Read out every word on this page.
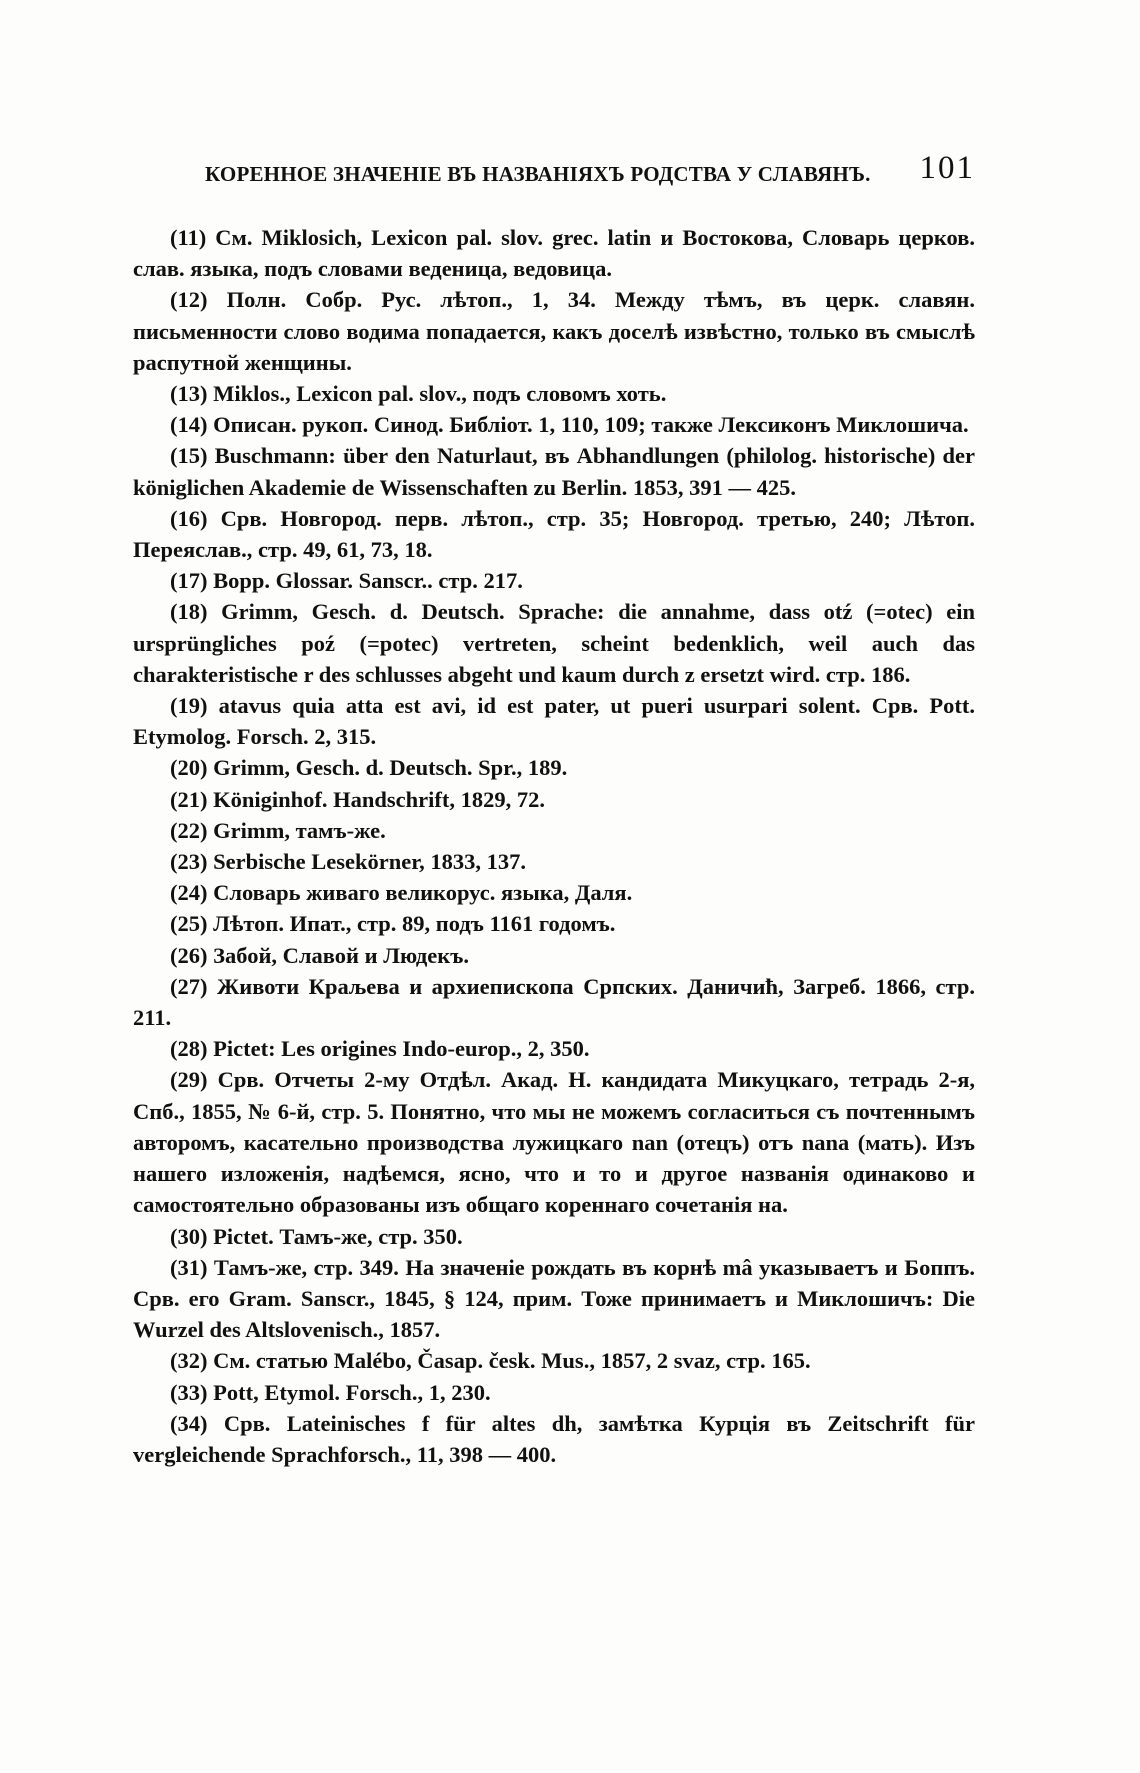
КОРЕННОЕ ЗНАЧЕНІЕ ВЪ НАЗВАНІЯХЪ РОДСТВА У СЛАВЯНЪ. 101

(11) См. Miklosich, Lexicon pal. slov. grec. latin и Востокова, Словарь церков. слав. языка, подъ словами веденица, ведовица.

(12) Полн. Собр. Рус. лѣтоп., 1, 34. Между тѣмъ, въ церк. славян. письменности слово водима попадается, какъ доселѣ извѣстно, только въ смыслѣ распутной женщины.

(13) Miklos., Lexicon pal. slov., подъ словомъ хоть.

(14) Описан. рукоп. Синод. Библіот. 1, 110, 109; также Лексиконъ Миклошича.

(15) Buschmann: über den Naturlaut, въ Abhandlungen (philolog. historische) der königlichen Akademie de Wissenschaften zu Berlin. 1853, 391 — 425.

(16) Срв. Новгород. перв. лѣтоп., стр. 35; Новгород. третью, 240; Лѣтоп. Переяслав., стр. 49, 61, 73, 18.

(17) Bopp. Glossar. Sanscr.. стр. 217.

(18) Grimm, Gesch. d. Deutsch. Sprache: die annahme, dass otź (=otec) ein ursprüngliches poź (=potec) vertreten, scheint bedenklich, weil auch das charakteristische r des schlusses abgeht und kaum durch z ersetzt wird. стр. 186.

(19) atavus quia atta est avi, id est pater, ut pueri usurpari solent. Срв. Pott. Etymolog. Forsch. 2, 315.

(20) Grimm, Gesch. d. Deutsch. Spr., 189.

(21) Königinhof. Handschrift, 1829, 72.

(22) Grimm, тамъ-же.

(23) Serbische Lesekörner, 1833, 137.

(24) Словарь живаго великорус. языка, Даля.

(25) Лѣтоп. Ипат., стр. 89, подъ 1161 годомъ.

(26) Забой, Славой и Людекъ.

(27) Животи Краљева и архиепископа Српских. Даничић, Загреб. 1866, стр. 211.

(28) Pictet: Les origines Indo-europ., 2, 350.

(29) Срв. Отчеты 2-му Отдѣл. Акад. Н. кандидата Микуцкаго, тетрадь 2-я, Спб., 1855, № 6-й, стр. 5. Понятно, что мы не можемъ согласиться съ почтеннымъ авторомъ, касательно производства лужицкаго nan (отецъ) отъ nana (мать). Изъ нашего изложенія, надѣемся, ясно, что и то и другое названія одинаково и самостоятельно образованы изъ общаго кореннаго сочетанія на.

(30) Pictet. Тамъ-же, стр. 350.

(31) Тамъ-же, стр. 349. На значеніе рождать въ корнѣ mâ указываетъ и Боппъ. Срв. его Gram. Sanscr., 1845, § 124, прим. Тоже принимаетъ и Миклошичъ: Die Wurzel des Altslovenisch., 1857.

(32) См. статью Malébo, Časap. česk. Mus., 1857, 2 svaz, стр. 165.

(33) Pott, Etymol. Forsch., 1, 230.

(34) Срв. Lateinisches f für altes dh, замѣтка Курція въ Zeitschrift für vergleichende Sprachforsch., 11, 398 — 400.
